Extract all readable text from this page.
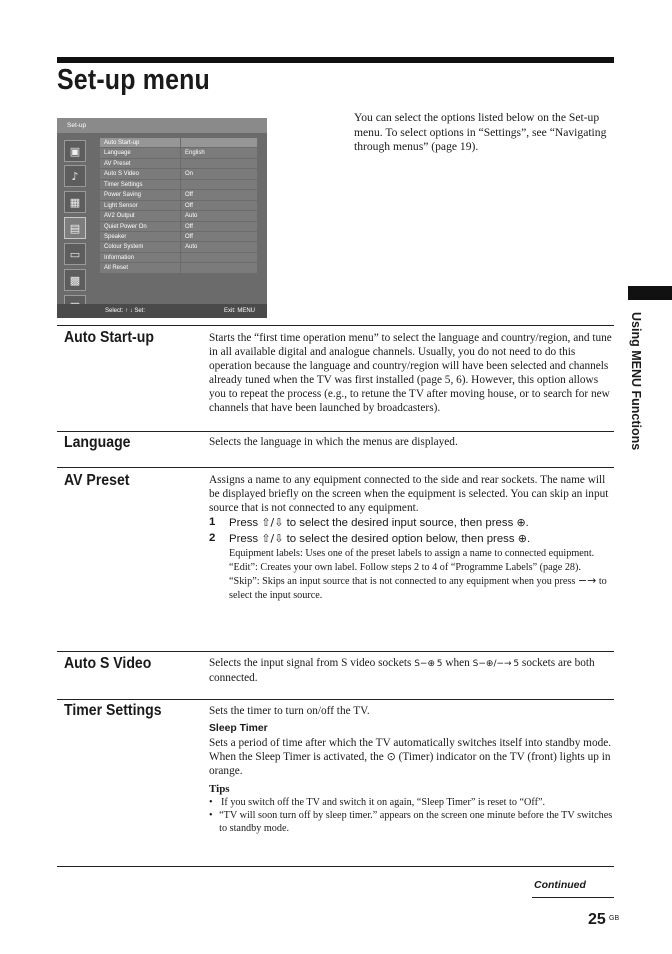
Set-up menu
You can select the options listed below on the Set-up menu. To select options in “Settings”, see “Navigating through menus” (page 19).
Set-up
▣
♪
▦
▤
▭
▩
Auto Start-up
Language	English
AV Preset
Auto S Video	On
Timer Settings
Power Saving	Off
Light Sensor	Off
AV2 Output	Auto
Quiet Power On	Off
Speaker	Off
Colour System	Auto
Information
All Reset
Select: ↑ ↓ Set:	Exit: MENU
Using MENU Functions
Auto Start-up	Starts the “first time operation menu” to select the language and country/region, and tune in all available digital and analogue channels. Usually, you do not need to do this operation because the language and country/region will have been selected and channels already tuned when the TV was first installed (page 5, 6). However, this option allows you to repeat the process (e.g., to retune the TV after moving house, or to search for new channels that have been launched by broadcasters).
Language	Selects the language in which the menus are displayed.
AV Preset	Assigns a name to any equipment connected to the side and rear sockets. The name will be displayed briefly on the screen when the equipment is selected. You can skip an input source that is not connected to any equipment.

1	Press ⇧/⇩ to select the desired input source, then press ⊕.
2	Press ⇧/⇩ to select the desired option below, then press ⊕.
Equipment labels: Uses one of the preset labels to assign a name to connected equipment.
“Edit”: Creates your own label. Follow steps 2 to 4 of “Programme Labels” (page 28).
“Skip”: Skips an input source that is not connected to any equipment when you press −→ to select the input source.
Auto S Video	Selects the input signal from S video sockets S−⊕ 5 when S−⊕/−→ 5 sockets are both connected.

Timer Settings	Sets the timer to turn on/off the TV.

Sleep Timer

Sets a period of time after which the TV automatically switches itself into standby mode.

When the Sleep Timer is activated, the ⊙ (Timer) indicator on the TV (front) lights up in orange.

Tips
• If you switch off the TV and switch it on again, “Sleep Timer” is reset to “Off”.
• “TV will soon turn off by sleep timer.” appears on the screen one minute before the TV switches to standby mode.
Continued
25 GB
